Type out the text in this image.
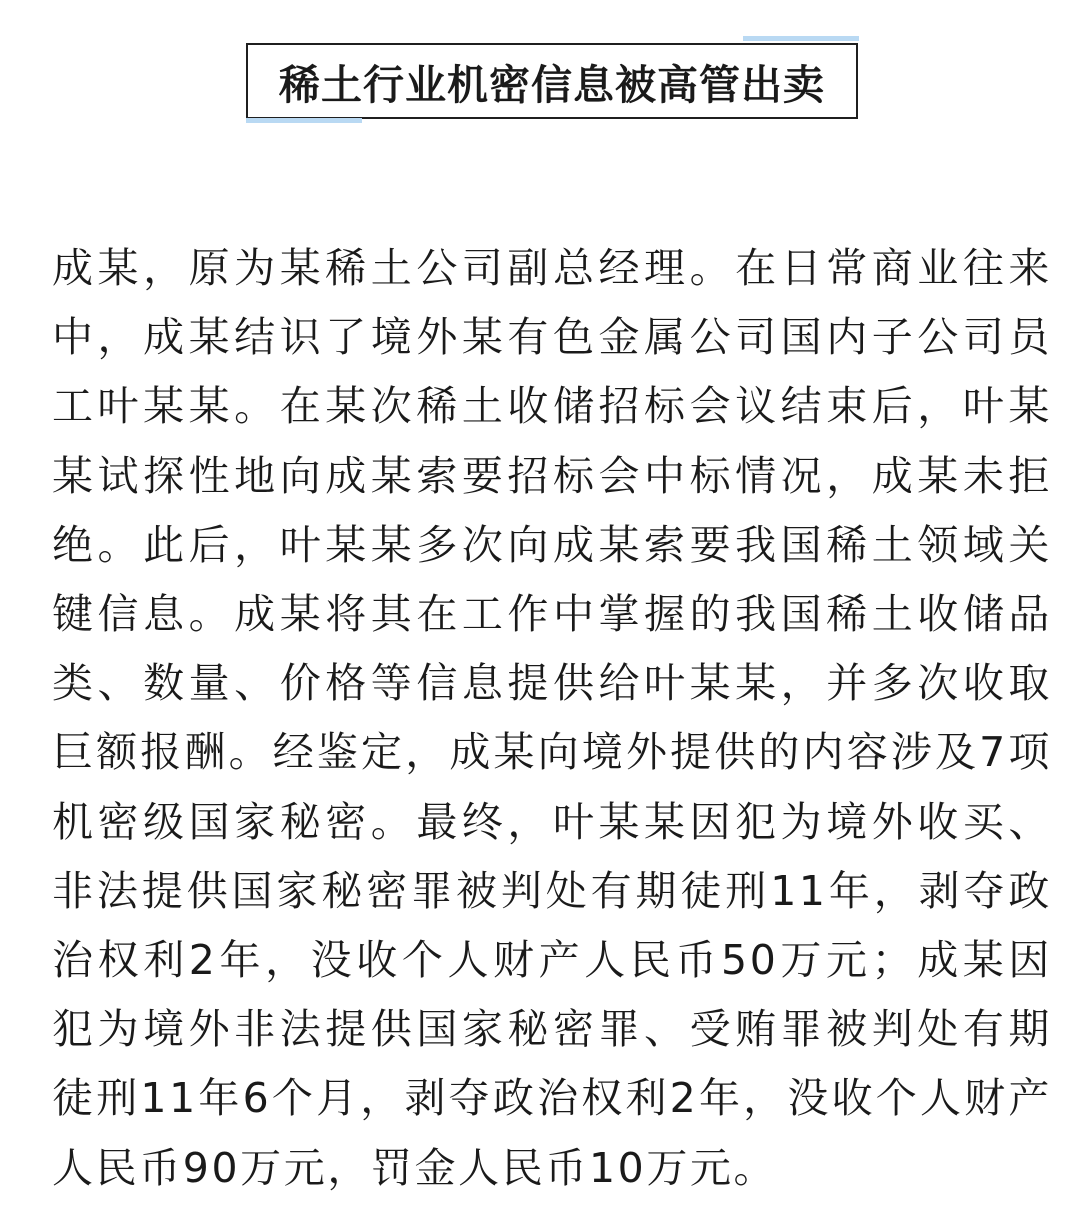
稀土行业机密信息被高管出卖

成某，原为某稀土公司副总经理。在日常商业往来中，成某结识了境外某有色金属公司国内子公司员工叶某某。在某次稀土收储招标会议结束后，叶某某试探性地向成某索要招标会中标情况，成某未拒绝。此后，叶某某多次向成某索要我国稀土领域关键信息。成某将其在工作中掌握的我国稀土收储品类、数量、价格等信息提供给叶某某，并多次收取巨额报酬。经鉴定，成某向境外提供的内容涉及7项机密级国家秘密。最终，叶某某因犯为境外收买、非法提供国家秘密罪被判处有期徒刑11年，剥夺政治权利2年，没收个人财产人民币50万元；成某因犯为境外非法提供国家秘密罪、受贿罪被判处有期徒刑11年6个月，剥夺政治权利2年，没收个人财产人民币90万元，罚金人民币10万元。
